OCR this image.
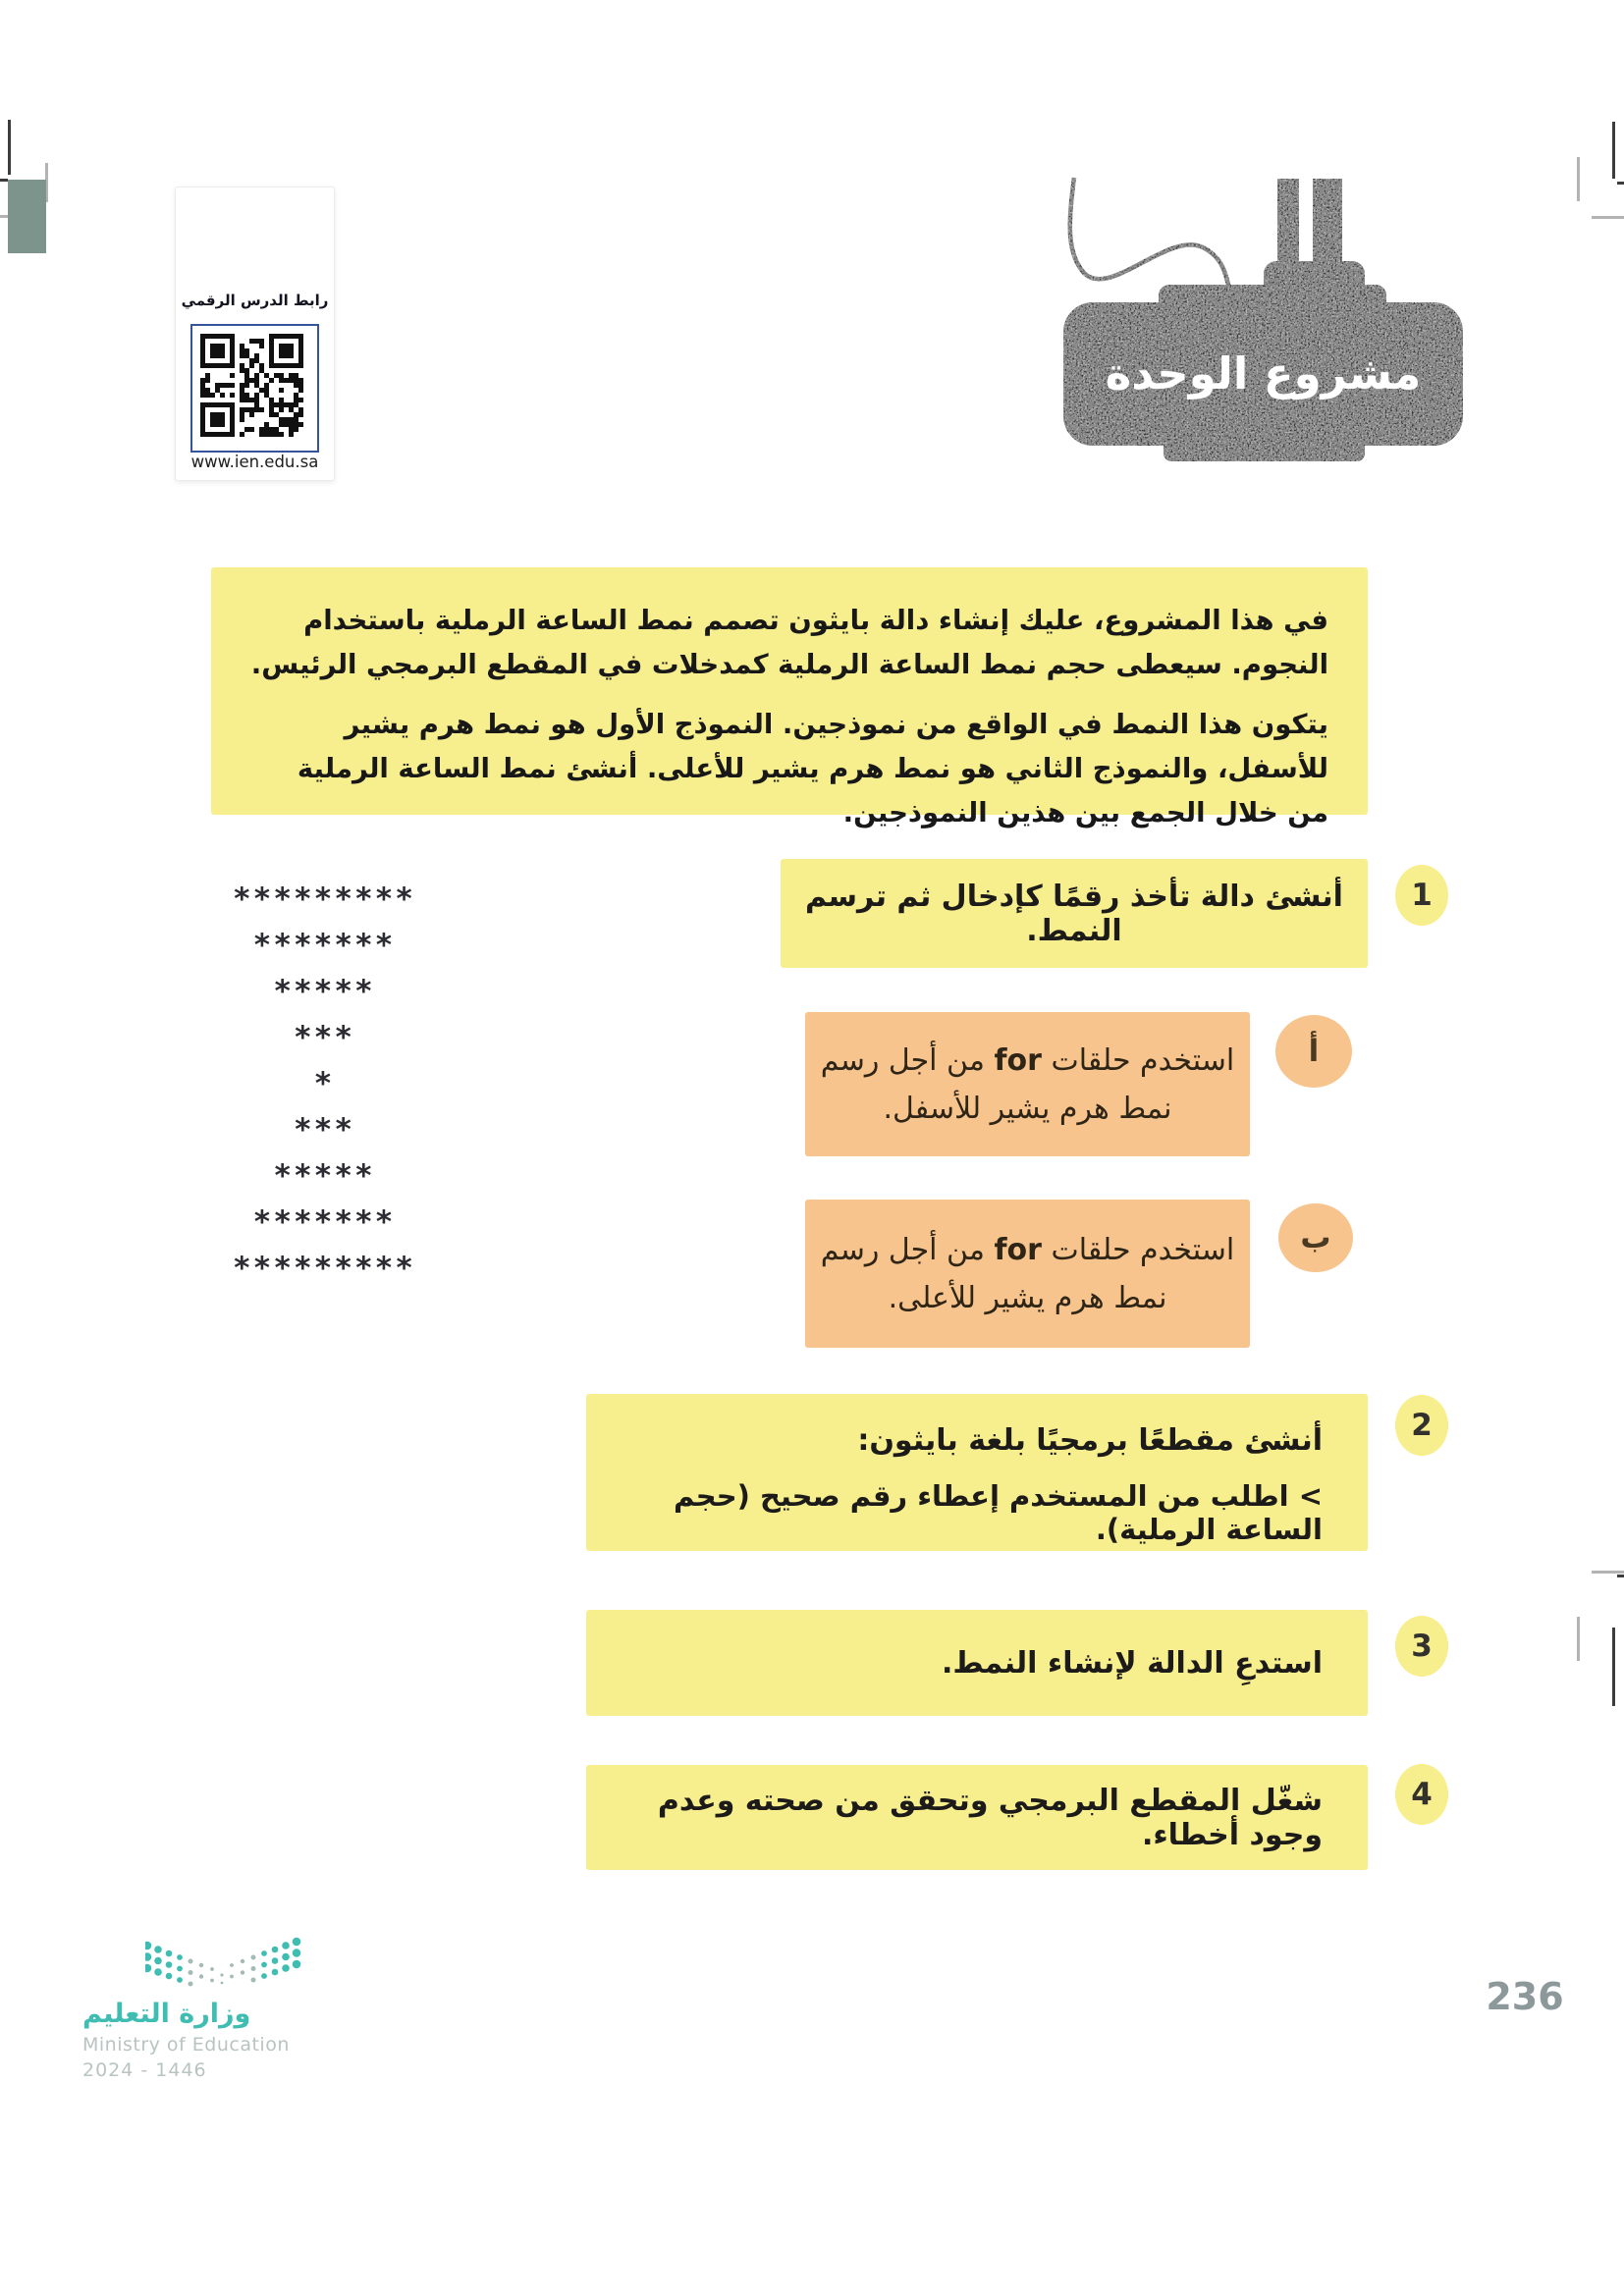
رابط الدرس الرقمي
www.ien.edu.sa
مشروع الوحدة

في هذا المشروع، عليك إنشاء دالة بايثون تصمم نمط الساعة الرملية باستخدام النجوم. سيعطى حجم نمط الساعة الرملية كمدخلات في المقطع البرمجي الرئيس.

يتكون هذا النمط في الواقع من نموذجين. النموذج الأول هو نمط هرم يشير للأسفل، والنموذج الثاني هو نمط هرم يشير للأعلى. أنشئ نمط الساعة الرملية من خلال الجمع بين هذين النموذجين.

*********
*******
*****
***
*
***
*****
*******
*********
أنشئ دالة تأخذ رقمًا كإدخال ثم ترسم النمط.
1
استخدم حلقات for من أجل رسم
نمط هرم يشير للأسفل.
أ
استخدم حلقات for من أجل رسم
نمط هرم يشير للأعلى.
ب
أنشئ مقطعًا برمجيًا بلغة بايثون:
< اطلب من المستخدم إعطاء رقم صحيح (حجم الساعة الرملية).
2
استدعِ الدالة لإنشاء النمط.	3
شغّل المقطع البرمجي وتحقق من صحته وعدم وجود أخطاء.
4
وزارة التعليم
Ministry of Education
2024 - 1446
236
